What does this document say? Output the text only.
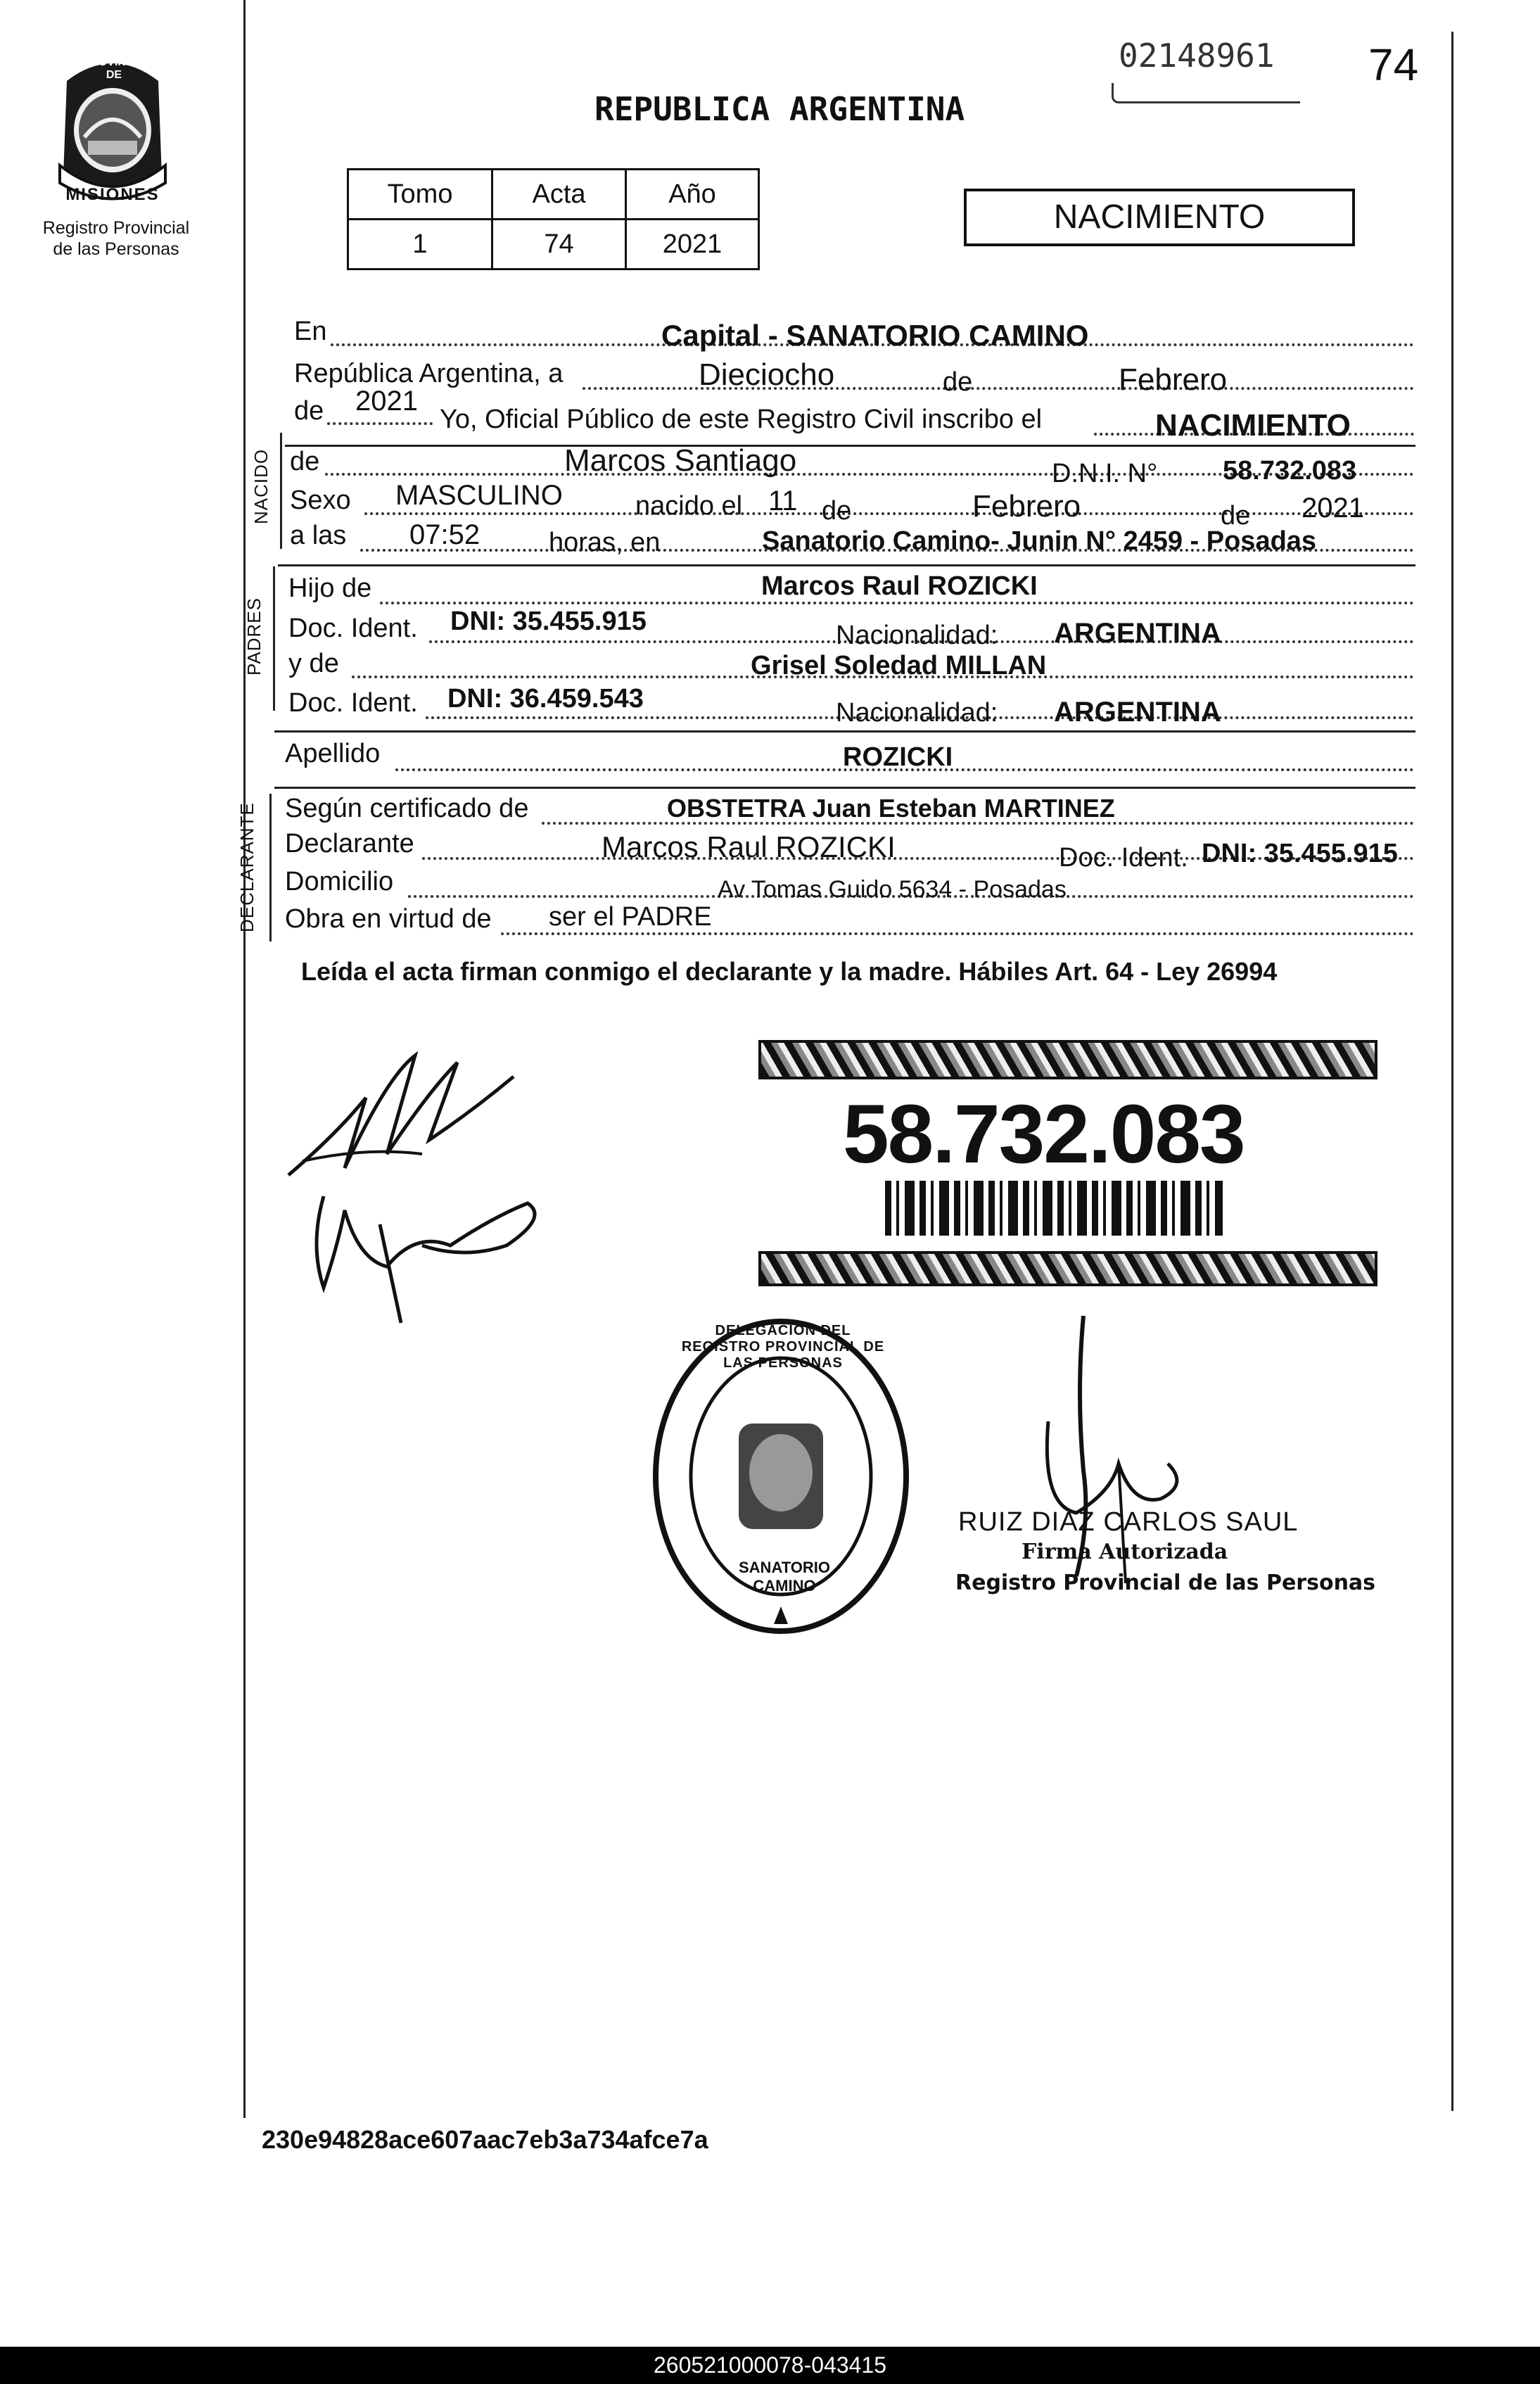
PROVINCIA DE
MISIONES
Registro Provincial
de las Personas
02148961 74
REPUBLICA ARGENTINA
Tomo	Acta	Año
1	74	2021
NACIMIENTO
NACIDO
PADRES
DECLARANTE
En	Capital - SANATORIO CAMINO
República Argentina, a	Dieciocho	de	Febrero
de 2021
Yo, Oficial Público de este Registro Civil inscribo el	NACIMIENTO
de	Marcos Santiago	D.N.I. N° 58.732.083
Sexo MASCULINO	nacido el 11 de	Febrero	de 2021
a las 07:52	horas, en	Sanatorio Camino- Junin N° 2459 - Posadas
Hijo de	Marcos Raul ROZICKI
Doc. Ident. DNI: 35.455.915	Nacionalidad: ARGENTINA
y de	Grisel Soledad MILLAN
Doc. Ident. DNI: 36.459.543	Nacionalidad: ARGENTINA
Apellido	ROZICKI
Según certificado de	OBSTETRA Juan Esteban MARTINEZ
Declarante	Marcos Raul ROZICKI	Doc. Ident. DNI: 35.455.915
Domicilio	Av Tomas Guido 5634 - Posadas
Obra en virtud de ser el PADRE
Leída el acta firman conmigo el declarante y la madre. Hábiles Art. 64 - Ley 26994
58.732.083
DELEGACION DEL REGISTRO PROVINCIAL DE LAS PERSONAS
SANATORIO CAMINO
RUIZ DIAZ CARLOS SAUL
Firma Autorizada
Registro Provincial de las Personas
230e94828ace607aac7eb3a734afce7a
260521000078-043415
